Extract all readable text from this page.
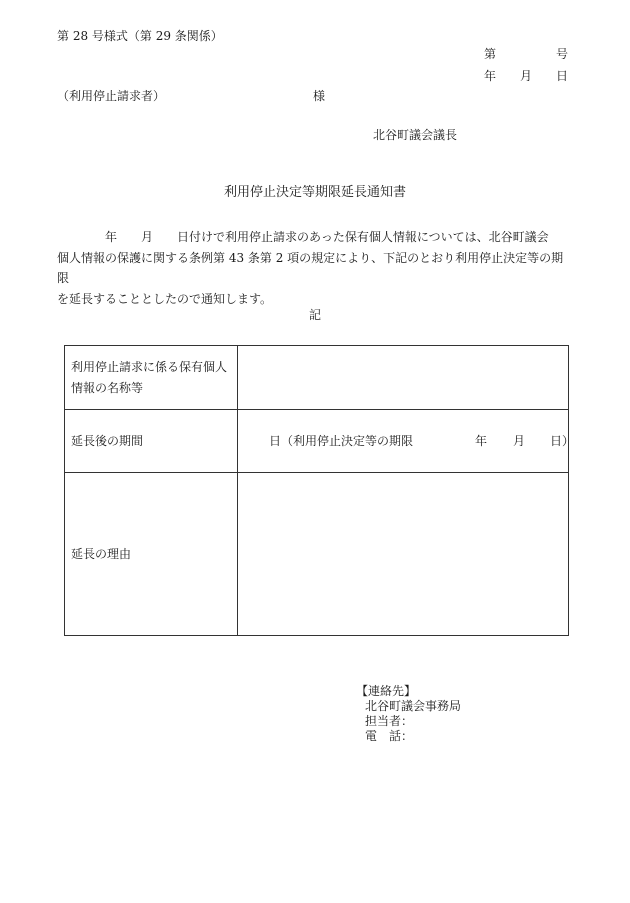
第 28 号様式（第 29 条関係）
第　　　　　号
年　　月　　日
（利用停止請求者）	様
北谷町議会議長
利用停止決定等期限延長通知書

　　　　年　　月　　日付けで利用停止請求のあった保有個人情報については、北谷町議会

個人情報の保護に関する条例第 43 条第 2 項の規定により、下記のとおり利用停止決定等の期限

を延長することとしたので通知します。

記
利用停止請求に係る保有個人情報の名称等	
延長後の期間	日（利用停止決定等の期限 年 月 日）

延長の理由	
【連絡先】
北谷町議会事務局
担当者：
電　話：
